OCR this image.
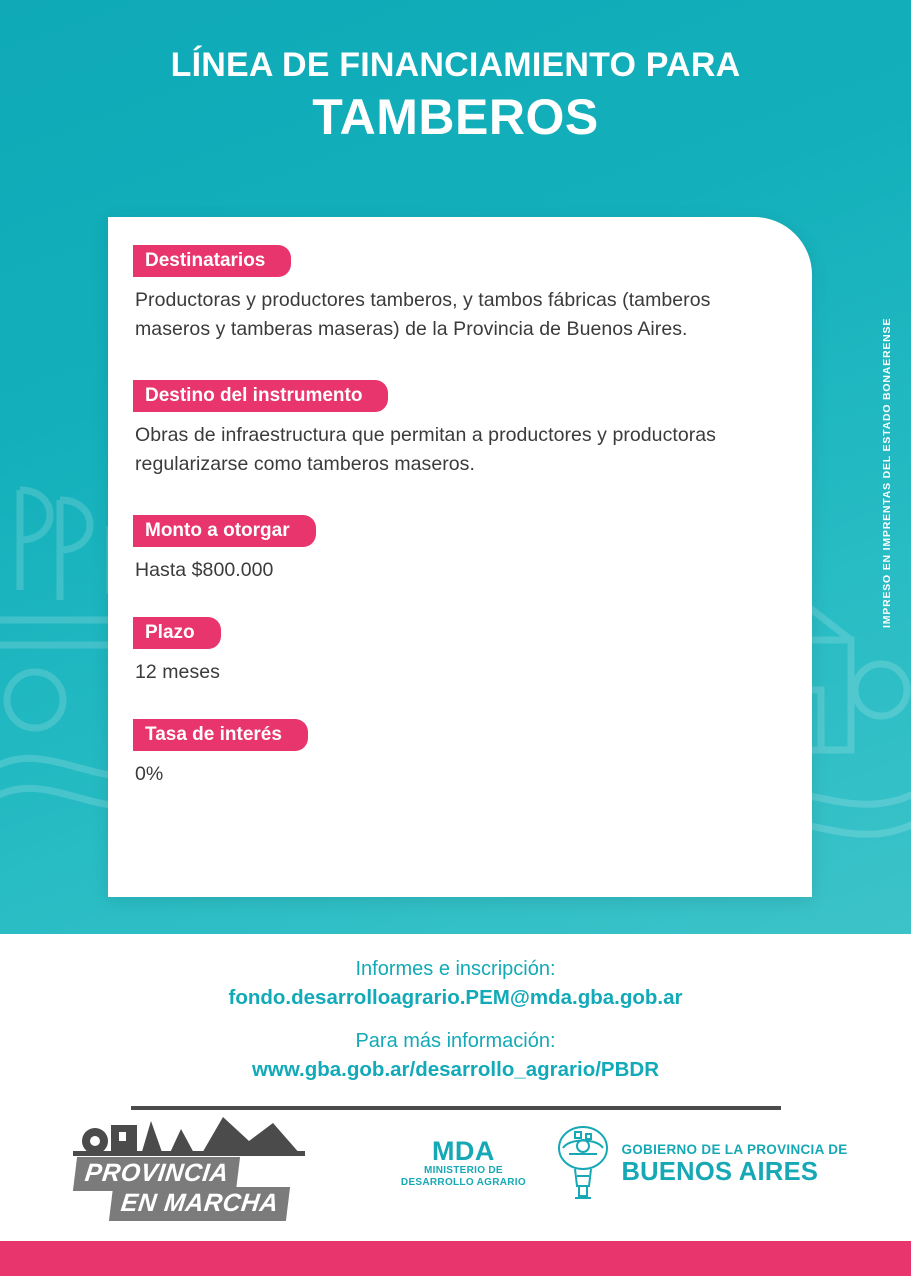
LÍNEA DE FINANCIAMIENTO PARA
TAMBEROS
IMPRESO EN IMPRENTAS DEL ESTADO BONAERENSE
Destinatarios
Productoras y productores tamberos, y tambos fábricas (tamberos maseros y tamberas maseras) de la Provincia de Buenos Aires.
Destino del instrumento
Obras de infraestructura que permitan a productores y productoras regularizarse como tamberos maseros.
Monto a otorgar
Hasta $800.000
Plazo
12 meses
Tasa de interés
0%
Informes e inscripción:
fondo.desarrolloagrario.PEM@mda.gba.gob.ar
Para más información:
www.gba.gob.ar/desarrollo_agrario/PBDR
PROVINCIA
EN MARCHA
MDA
MINISTERIO DE
DESARROLLO AGRARIO
GOBIERNO DE LA PROVINCIA DE
BUENOS AIRES
